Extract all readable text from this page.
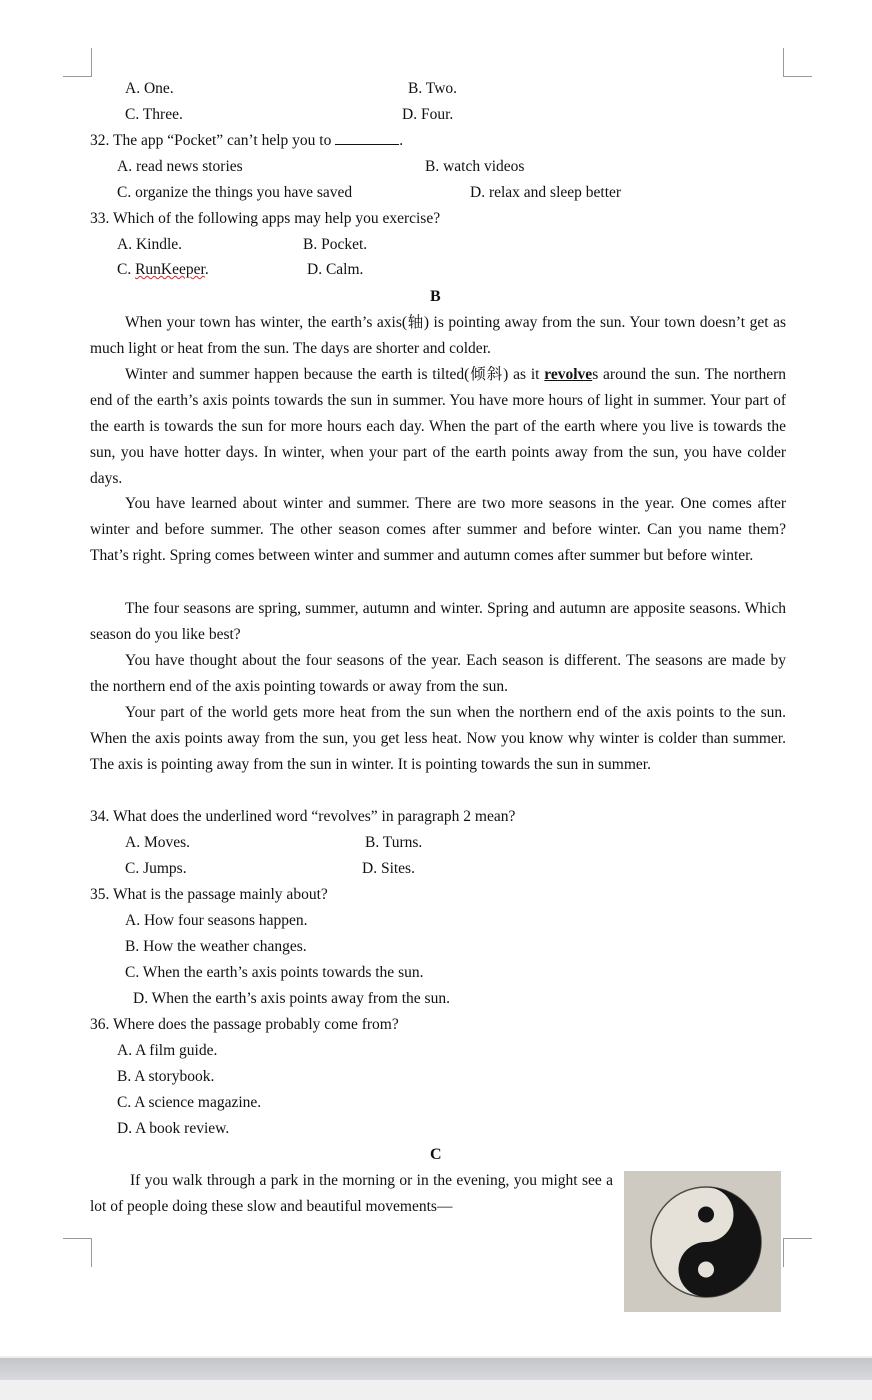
A. One.	B. Two.
C. Three.	D. Four.
32. The app “Pocket” can’t help you to	.
A. read news stories	B. watch videos
C. organize the things you have saved	D. relax and sleep better
33. Which of the following apps may help you exercise?
A. Kindle.	B. Pocket.
C. RunKeeper.	D. Calm.
B
When your town has winter, the earth’s axis(轴) is pointing away from the sun. Your town doesn’t get as much light or heat from the sun. The days are shorter and colder.
Winter and summer happen because the earth is tilted(倾斜) as it revolves around the sun. The northern end of the earth’s axis points towards the sun in summer. You have more hours of light in summer. Your part of the earth is towards the sun for more hours each day. When the part of the earth where you live is towards the sun, you have hotter days. In winter, when your part of the earth points away from the sun, you have colder days.
You have learned about winter and summer. There are two more seasons in the year. One comes after winter and before summer. The other season comes after summer and before winter. Can you name them? That’s right. Spring comes between winter and summer and autumn comes after summer but before winter.
The four seasons are spring, summer, autumn and winter. Spring and autumn are apposite seasons. Which season do you like best?
You have thought about the four seasons of the year. Each season is different. The seasons are made by the northern end of the axis pointing towards or away from the sun.
Your part of the world gets more heat from the sun when the northern end of the axis points to the sun. When the axis points away from the sun, you get less heat. Now you know why winter is colder than summer. The axis is pointing away from the sun in winter. It is pointing towards the sun in summer.
34. What does the underlined word “revolves” in paragraph 2 mean?
A. Moves.	B. Turns.
C. Jumps.	D. Sites.
35. What is the passage mainly about?
A. How four seasons happen.
B. How the weather changes.
C. When the earth’s axis points towards the sun.
D. When the earth’s axis points away from the sun.
36. Where does the passage probably come from?
A. A film guide.
B. A storybook.
C. A science magazine.
D. A book review.
C
If you walk through a park in the morning or in the evening, you might see a lot of people doing these slow and beautiful movements—
